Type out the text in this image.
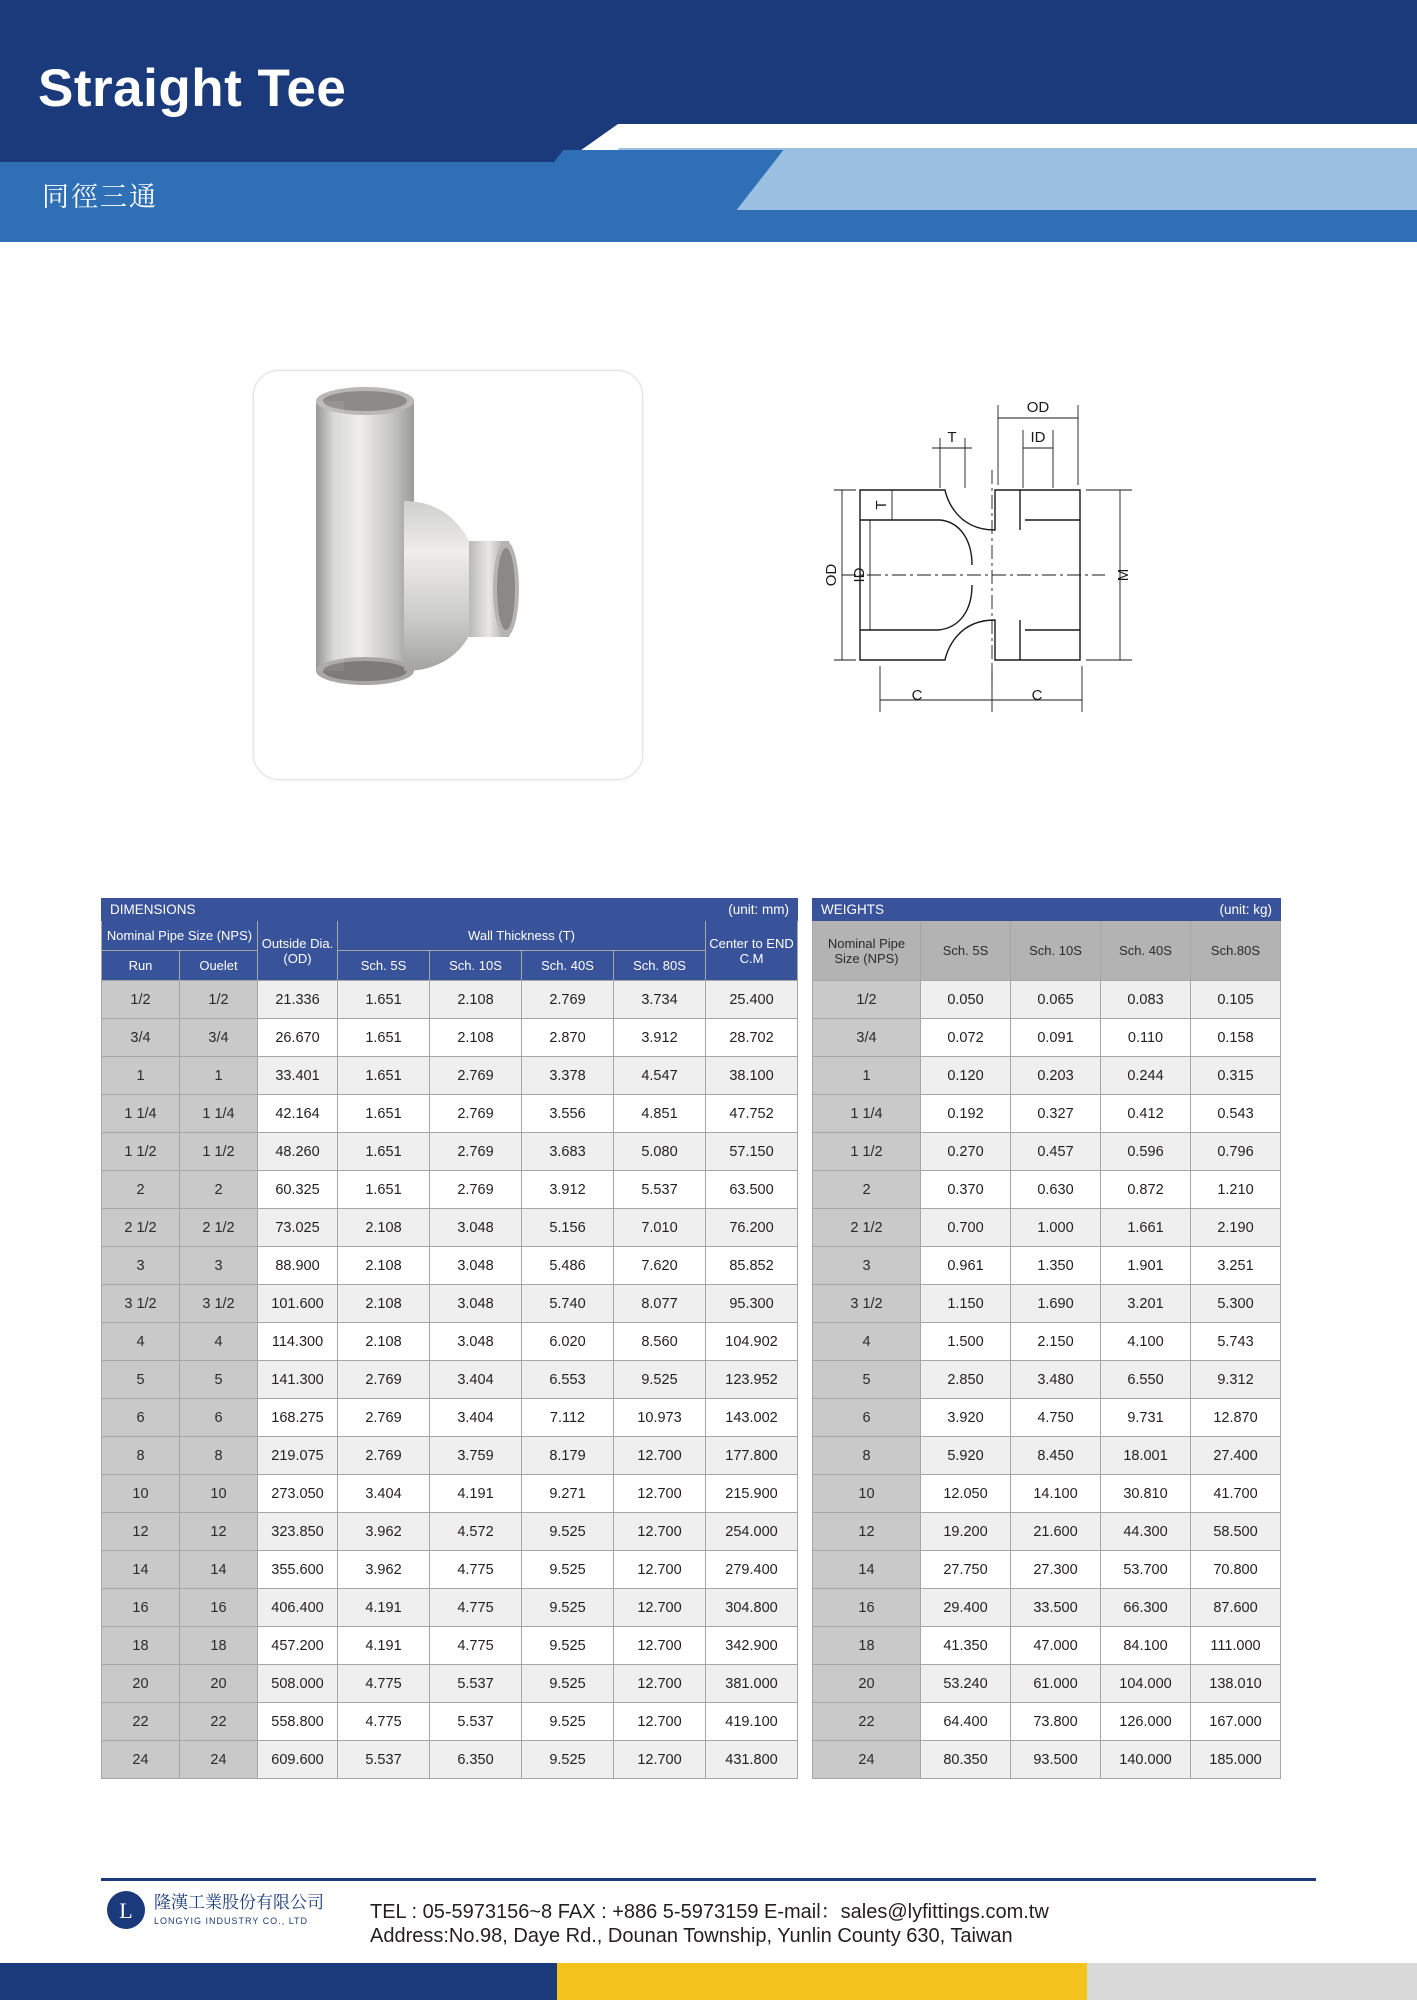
Straight Tee
同徑三通
OD
ID
T
C	C
OD ID
T
M
DIMENSIONS (unit: mm)							

Nominal Pipe Size (NPS)		Outside Dia. (OD)	Wall Thickness (T)				Center to END C.M
Run	Ouelet		Sch. 5S	Sch. 10S	Sch. 40S	Sch. 80S	
1/2	1/2	21.336	1.651	2.108	2.769	3.734	25.400
3/4	3/4	26.670	1.651	2.108	2.870	3.912	28.702
1	1	33.401	1.651	2.769	3.378	4.547	38.100
1 1/4	1 1/4	42.164	1.651	2.769	3.556	4.851	47.752
1 1/2	1 1/2	48.260	1.651	2.769	3.683	5.080	57.150
2	2	60.325	1.651	2.769	3.912	5.537	63.500
2 1/2	2 1/2	73.025	2.108	3.048	5.156	7.010	76.200
3	3	88.900	2.108	3.048	5.486	7.620	85.852
3 1/2	3 1/2	101.600	2.108	3.048	5.740	8.077	95.300
4	4	114.300	2.108	3.048	6.020	8.560	104.902
5	5	141.300	2.769	3.404	6.553	9.525	123.952
6	6	168.275	2.769	3.404	7.112	10.973	143.002
8	8	219.075	2.769	3.759	8.179	12.700	177.800
10	10	273.050	3.404	4.191	9.271	12.700	215.900
12	12	323.850	3.962	4.572	9.525	12.700	254.000
14	14	355.600	3.962	4.775	9.525	12.700	279.400
16	16	406.400	4.191	4.775	9.525	12.700	304.800
18	18	457.200	4.191	4.775	9.525	12.700	342.900
20	20	508.000	4.775	5.537	9.525	12.700	381.000
22	22	558.800	4.775	5.537	9.525	12.700	419.100
24	24	609.600	5.537	6.350	9.525	12.700	431.800
WEIGHTS (unit: kg)				

Nominal Pipe Size (NPS)	Sch. 5S	Sch. 10S	Sch. 40S	Sch.80S
1/2	0.050	0.065	0.083	0.105
3/4	0.072	0.091	0.110	0.158
1	0.120	0.203	0.244	0.315
1 1/4	0.192	0.327	0.412	0.543
1 1/2	0.270	0.457	0.596	0.796
2	0.370	0.630	0.872	1.210
2 1/2	0.700	1.000	1.661	2.190
3	0.961	1.350	1.901	3.251
3 1/2	1.150	1.690	3.201	5.300
4	1.500	2.150	4.100	5.743
5	2.850	3.480	6.550	9.312
6	3.920	4.750	9.731	12.870
8	5.920	8.450	18.001	27.400
10	12.050	14.100	30.810	41.700
12	19.200	21.600	44.300	58.500
14	27.750	27.300	53.700	70.800
16	29.400	33.500	66.300	87.600
18	41.350	47.000	84.100	111.000
20	53.240	61.000	104.000	138.010
22	64.400	73.800	126.000	167.000
24	80.350	93.500	140.000	185.000
L 隆漢工業股份有限公司
LONGYIG INDUSTRY CO., LTD	TEL : 05-5973156~8 FAX : +886 5-5973159 E-mail：sales@lyfittings.com.tw
Address:No.98, Daye Rd., Dounan Township, Yunlin County 630, Taiwan
